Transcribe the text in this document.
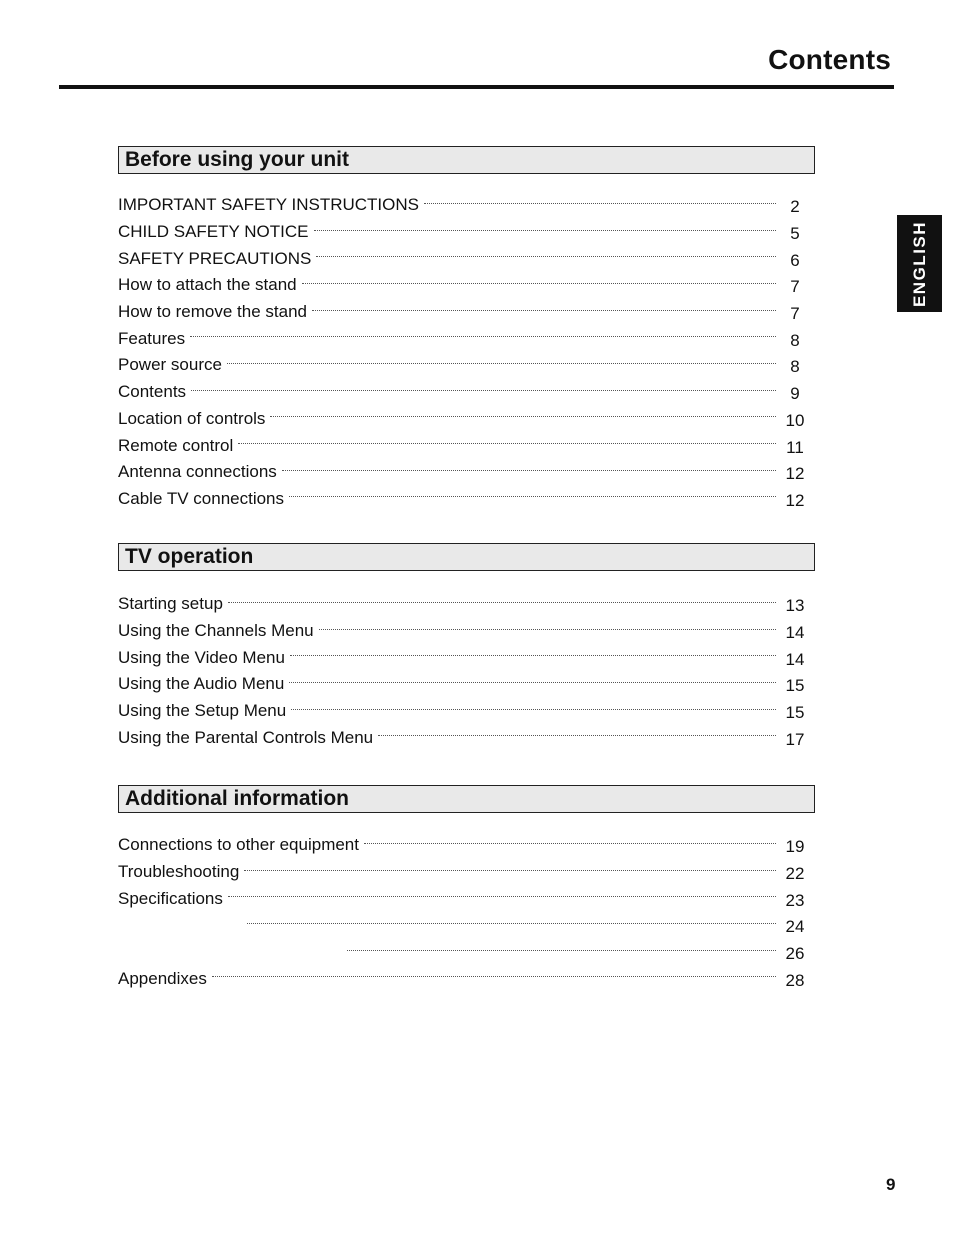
Contents
ENGLISH
Before using your unit
IMPORTANT SAFETY INSTRUCTIONS	2
CHILD SAFETY NOTICE	5
SAFETY PRECAUTIONS	6
How to attach the stand	7
How to remove the stand	7
Features	8
Power source	8
Contents	9
Location of controls	10
Remote control	11
Antenna connections	12
Cable TV connections	12
TV operation
Starting setup	13
Using the Channels Menu	14
Using the Video Menu	14
Using the Audio Menu	15
Using the Setup Menu	15
Using the Parental Controls Menu	17
Additional information
Connections to other equipment	19
Troubleshooting	22
Specifications	23
24
26
Appendixes	28
9
